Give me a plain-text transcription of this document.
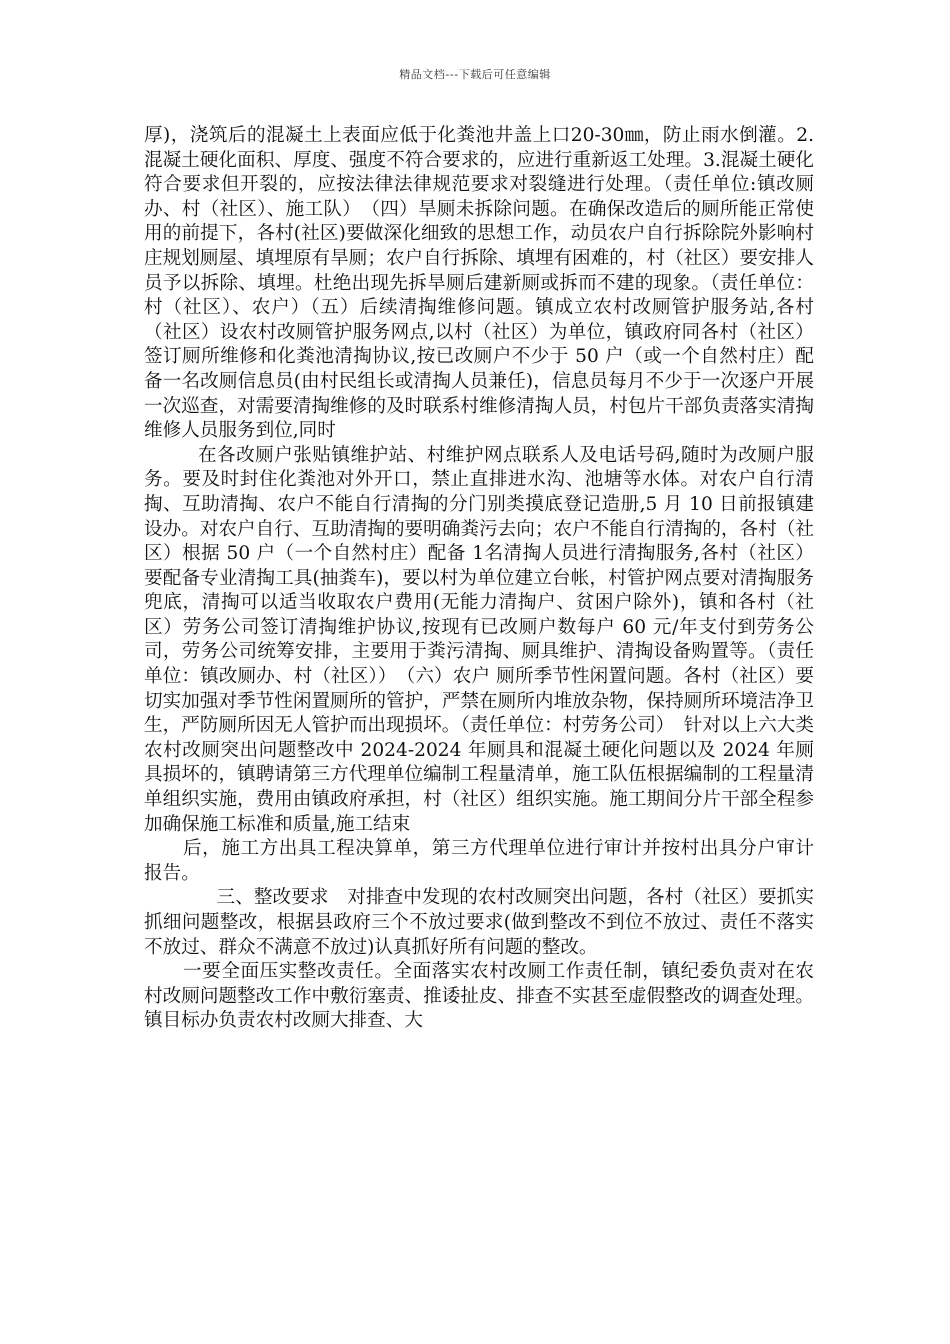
精品文档---下载后可任意编辑

厚)，浇筑后的混凝土上表面应低于化粪池井盖上口20-30㎜，防止雨水倒灌。2.混凝土硬化面积、厚度、强度不符合要求的，应进行重新返工处理。3.混凝土硬化符合要求但开裂的，应按法律法律规范要求对裂缝进行处理。（责任单位:镇改厕办、村（社区）、施工队）　（四）旱厕未拆除问题。在确保改造后的厕所能正常使用的前提下，各村(社区)要做深化细致的思想工作，动员农户自行拆除院外影响村庄规划厕屋、填埋原有旱厕；农户自行拆除、填埋有困难的，村（社区）要安排人员予以拆除、填埋。杜绝出现先拆旱厕后建新厕或拆而不建的现象。（责任单位：村（社区）、农户）（五）后续清掏维修问题。镇成立农村改厕管护服务站,各村（社区）设农村改厕管护服务网点,以村（社区）为单位，镇政府同各村（社区）签订厕所维修和化粪池清掏协议,按已改厕户不少于 50 户（或一个自然村庄）配备一名改厕信息员(由村民组长或清掏人员兼任)，信息员每月不少于一次逐户开展一次巡查，对需要清掏维修的及时联系村维修清掏人员，村包片干部负责落实清掏维修人员服务到位,同时

在各改厕户张贴镇维护站、村维护网点联系人及电话号码,随时为改厕户服务。要及时封住化粪池对外开口，禁止直排进水沟、池塘等水体。对农户自行清掏、互助清掏、农户不能自行清掏的分门别类摸底登记造册,5 月 10 日前报镇建设办。对农户自行、互助清掏的要明确粪污去向；农户不能自行清掏的，各村（社区）根据 50 户（一个自然村庄）配备 1名清掏人员进行清掏服务,各村（社区）要配备专业清掏工具(抽粪车)，要以村为单位建立台帐，村管护网点要对清掏服务兜底，清掏可以适当收取农户费用(无能力清掏户、贫困户除外)，镇和各村（社区）劳务公司签订清掏维护协议,按现有已改厕户数每户 60 元/年支付到劳务公司，劳务公司统筹安排，主要用于粪污清掏、厕具维护、清掏设备购置等。（责任单位：镇改厕办、村（社区））　（六）农户 厕所季节性闲置问题。各村（社区）要切实加强对季节性闲置厕所的管护，严禁在厕所内堆放杂物，保持厕所环境洁净卫生，严防厕所因无人管护而出现损坏。（责任单位：村劳务公司）　针对以上六大类农村改厕突出问题整改中 2024-2024 年厕具和混凝土硬化问题以及 2024 年厕具损坏的，镇聘请第三方代理单位编制工程量清单，施工队伍根据编制的工程量清单组织实施，费用由镇政府承担，村（社区）组织实施。施工期间分片干部全程参加确保施工标准和质量,施工结束

后，施工方出具工程决算单，第三方代理单位进行审计并按村出具分户审计报告。

三、整改要求　对排查中发现的农村改厕突出问题，各村（社区）要抓实抓细问题整改，根据县政府三个不放过要求(做到整改不到位不放过、责任不落实不放过、群众不满意不放过)认真抓好所有问题的整改。

一要全面压实整改责任。全面落实农村改厕工作责任制，镇纪委负责对在农村改厕问题整改工作中敷衍塞责、推诿扯皮、排查不实甚至虚假整改的调查处理。镇目标办负责农村改厕大排查、大
